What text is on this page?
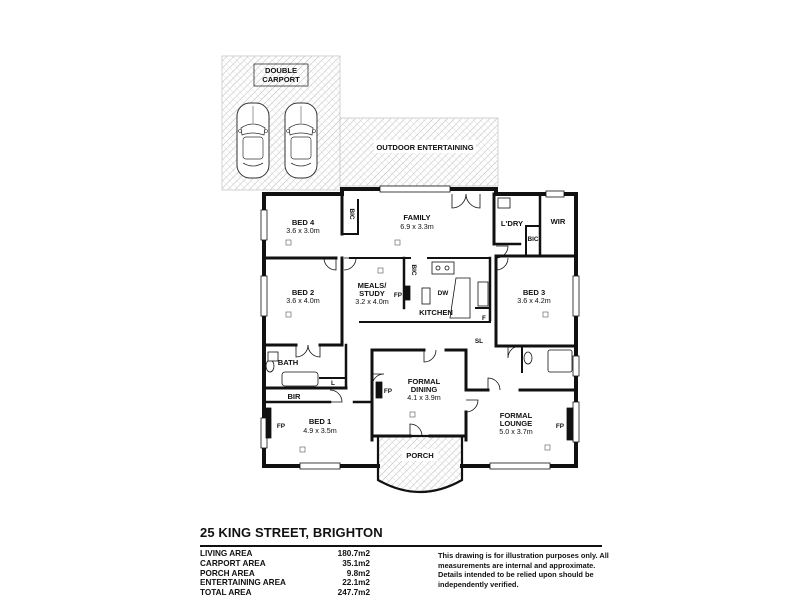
DOUBLE
CARPORT
OUTDOOR ENTERTAINING
PORCH
BED 4
3.6 x 3.0m
FAMILY
6.9 x 3.3m	L'DRY	WIR
BED 2
3.6 x 4.0m
MEALS/
STUDY
3.2 x 4.0m
KITCHEN
BED 3
3.6 x 4.2m
BATH
FORMAL
DINING
4.1 x 3.9m
FORMAL
LOUNGE
5.0 x 3.7m
BED 1
4.9 x 3.5m
BIR
BIC
BIC
BIC
FP	DW
F
SL
L
FP
FP	FP
25 KING STREET, BRIGHTON
LIVING AREA	180.7m2
CARPORT AREA	35.1m2
PORCH AREA	9.8m2
ENTERTAINING AREA	22.1m2
TOTAL AREA	247.7m2
This drawing is for illustration purposes only. All measurements are internal and approximate. Details intended to be relied upon should be independently verified.
